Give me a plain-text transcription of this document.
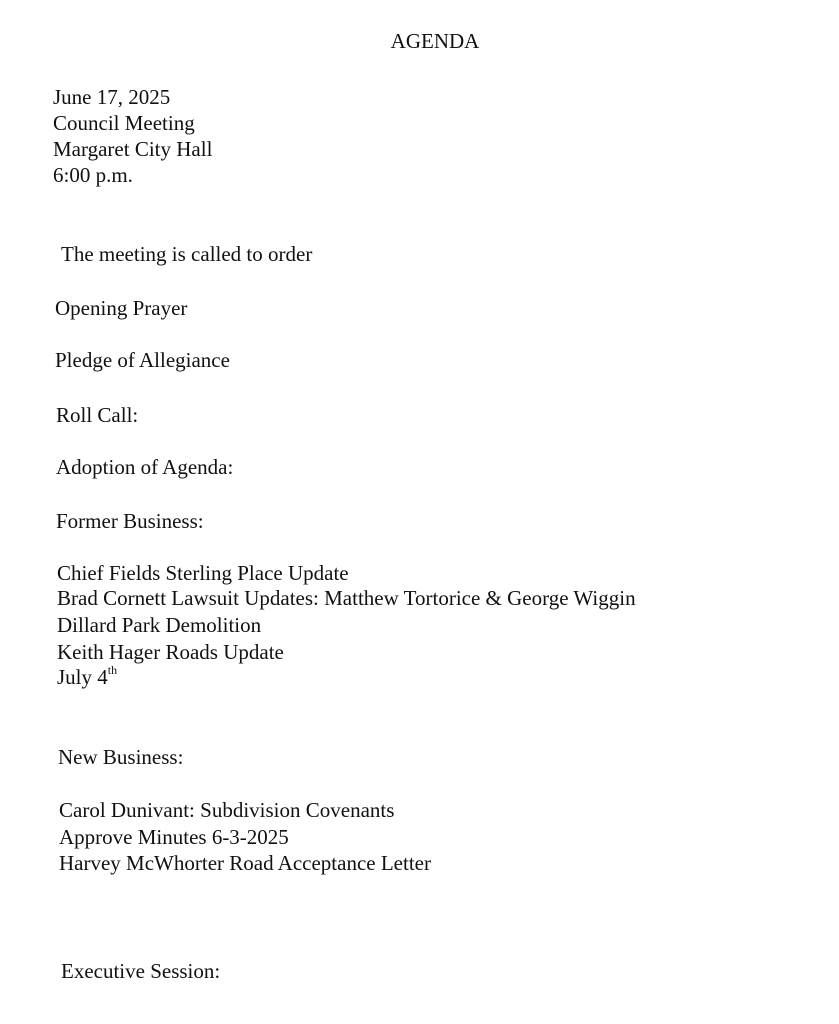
AGENDA
June 17, 2025
Council Meeting
Margaret City Hall
6:00 p.m.
The meeting is called to order
Opening Prayer
Pledge of Allegiance
Roll Call:
Adoption of Agenda:
Former Business:
Chief Fields Sterling Place Update
Brad Cornett Lawsuit Updates: Matthew Tortorice & George Wiggin
Dillard Park Demolition
Keith Hager Roads Update
July 4th
New Business:
Carol Dunivant: Subdivision Covenants
Approve Minutes 6-3-2025
Harvey McWhorter Road Acceptance Letter
Executive Session:
